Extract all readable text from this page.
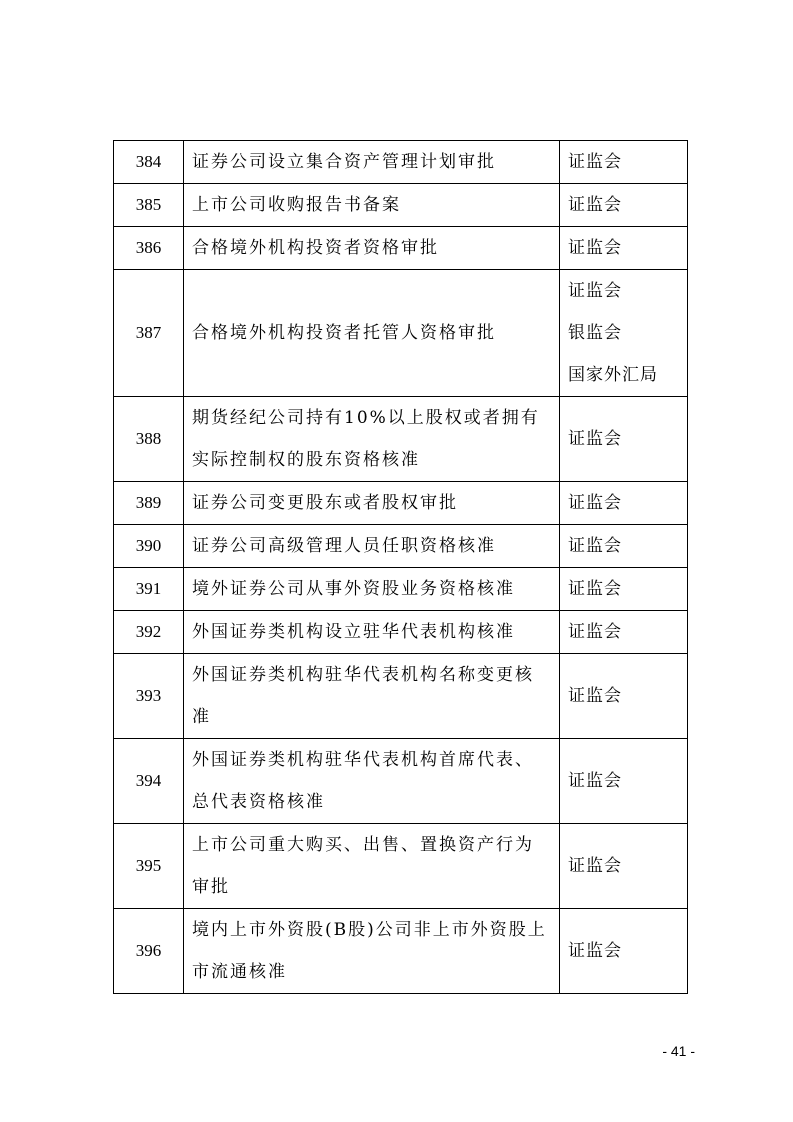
384	证券公司设立集合资产管理计划审批	证监会

385	上市公司收购报告书备案	证监会

386	合格境外机构投资者资格审批	证监会

387	合格境外机构投资者托管人资格审批	证监会
银监会
国家外汇局

388	期货经纪公司持有10%以上股权或者拥有
实际控制权的股东资格核准	证监会

389	证券公司变更股东或者股权审批	证监会

390	证券公司高级管理人员任职资格核准	证监会

391	境外证券公司从事外资股业务资格核准	证监会

392	外国证券类机构设立驻华代表机构核准	证监会

393	外国证券类机构驻华代表机构名称变更核
准	证监会

394	外国证券类机构驻华代表机构首席代表、
总代表资格核准	证监会

395	上市公司重大购买、出售、置换资产行为
审批	证监会

396	境内上市外资股(B股)公司非上市外资股上
市流通核准	证监会
- 41 -
